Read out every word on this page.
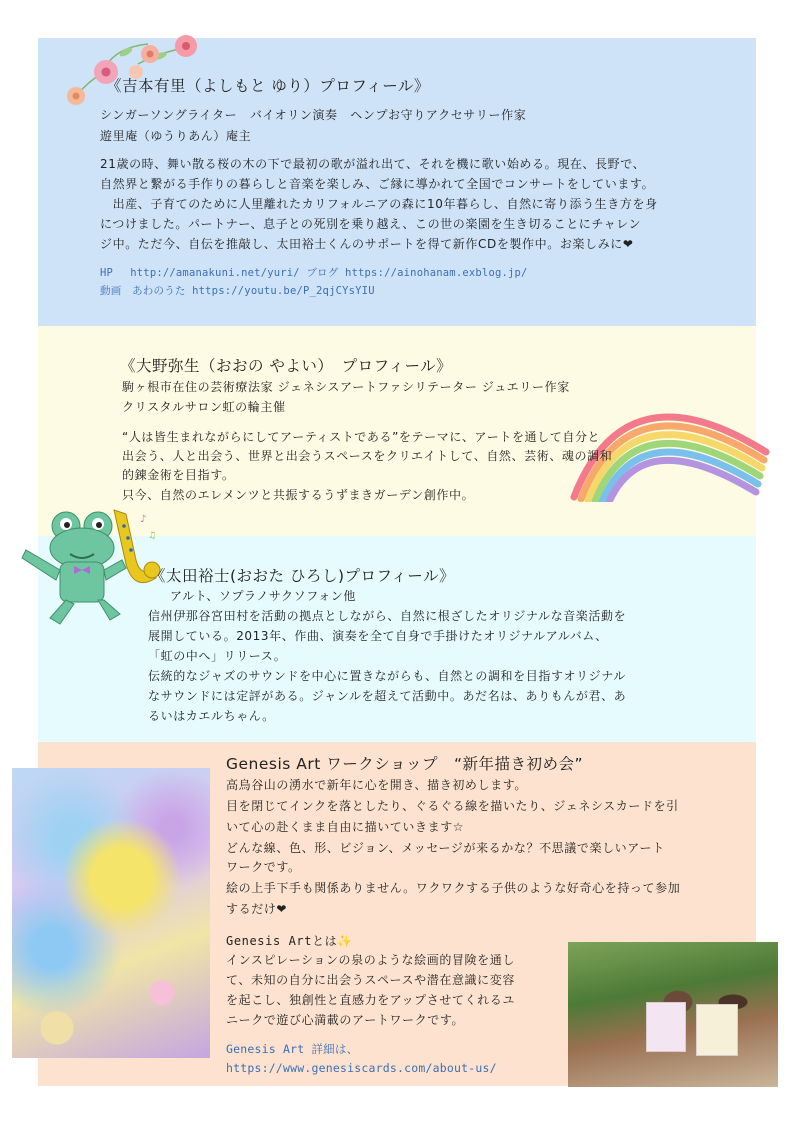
《吉本有里（よしもと ゆり）プロフィール》
シンガーソングライター　バイオリン演奏　ヘンプお守りアクセサリー作家
遊里庵（ゆうりあん）庵主
21歳の時、舞い散る桜の木の下で最初の歌が溢れ出て、それを機に歌い始める。現在、長野で、
自然界と繋がる手作りの暮らしと音楽を楽しみ、ご縁に導かれて全国でコンサートをしています。
　出産、子育てのために人里離れたカリフォルニアの森に10年暮らし、自然に寄り添う生き方を身
につけました。パートナー、息子との死別を乗り越え、この世の楽園を生き切ることにチャレン
ジ中。ただ今、自伝を推敲し、太田裕士くんのサポートを得て新作CDを製作中。お楽しみに❤
HP　 http://amanakuni.net/yuri/ ブログ https://ainohanam.exblog.jp/
動画　あわのうた https://youtu.be/P_2qjCYsYIU
《大野弥生（おおの やよい）　プロフィール》
駒ヶ根市在住の芸術療法家 ジェネシスアートファシリテーター ジュエリー作家
クリスタルサロン虹の輪主催
“人は皆生まれながらにしてアーティストである”をテーマに、アートを通して自分と
出会う、人と出会う、世界と出会うスペースをクリエイトして、自然、芸術、魂の調和
的錬金術を目指す。
只今、自然のエレメンツと共振するうずまきガーデン創作中。
♪
♫
《太田裕士(おおた ひろし)プロフィール》
アルト、ソプラノサクソフォン他
信州伊那谷宮田村を活動の拠点としながら、自然に根ざしたオリジナルな音楽活動を
展開している。2013年、作曲、演奏を全て自身で手掛けたオリジナルアルバム、
「虹の中へ」リリース。
伝統的なジャズのサウンドを中心に置きながらも、自然との調和を目指すオリジナル
なサウンドには定評がある。ジャンルを超えて活動中。あだ名は、ありもんが君、あ
るいはカエルちゃん。
Genesis Art ワークショップ　“新年描き初め会”
高烏谷山の湧水で新年に心を開き、描き初めします。
目を閉じてインクを落としたり、ぐるぐる線を描いたり、ジェネシスカードを引
いて心の赴くまま自由に描いていきます☆
どんな線、色、形、ビジョン、メッセージが来るかな？不思議で楽しいアート
ワークです。
絵の上手下手も関係ありません。ワクワクする子供のような好奇心を持って参加
するだけ❤
Genesis Artとは✨
インスピレーションの泉のような絵画的冒険を通し
て、未知の自分に出会うスペースや潜在意識に変容
を起こし、独創性と直感力をアップさせてくれるユ
ニークで遊び心満載のアートワークです。
Genesis Art 詳細は、
https://www.genesiscards.com/about-us/
